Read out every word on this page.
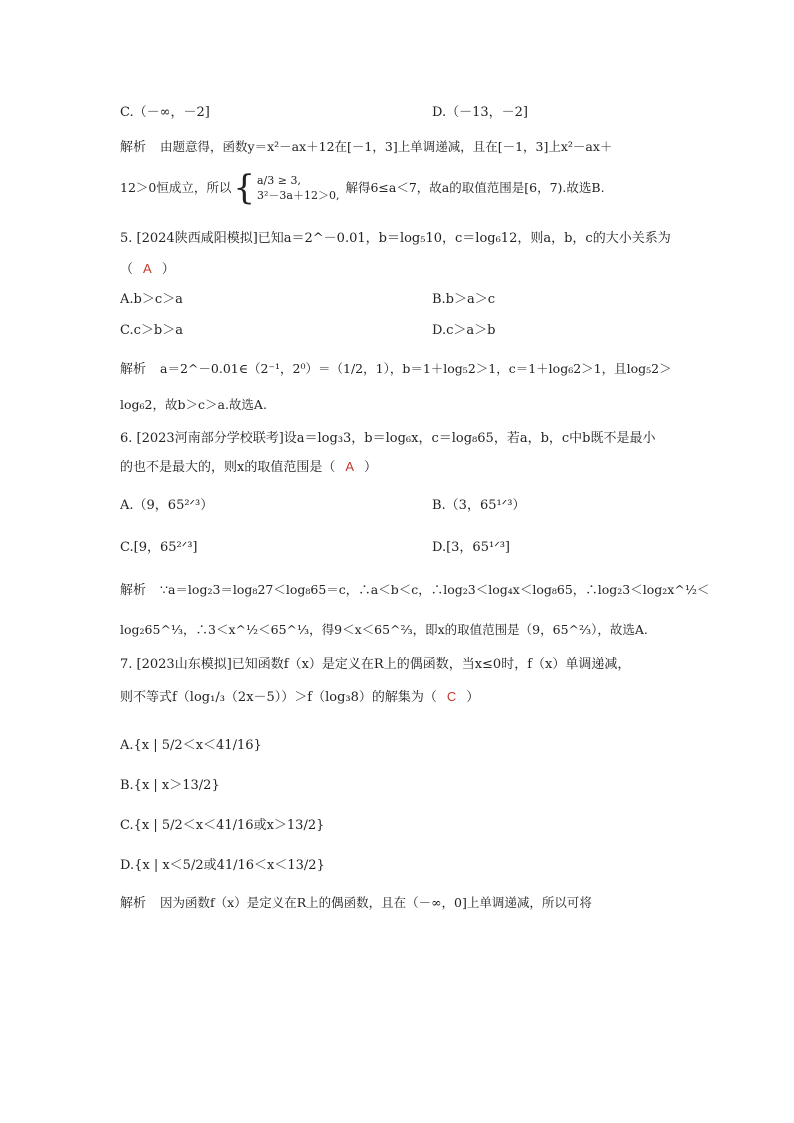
C.（－∞，－2]	D.（－13，－2]
解析 由题意得，函数y＝x²－ax＋12在[－1，3]上单调递减，且在[－1，3]上x²－ax＋
12＞0恒成立，所以 { a/3 ≥ 3,
3²－3a＋12＞0,
解得6≤a＜7，故a的取值范围是[6，7).故选B.
5. [2024陕西咸阳模拟]已知a＝2^－0.01，b＝log₅10，c＝log₆12，则a，b，c的大小关系为
（ A ）
A.b＞c＞a	B.b＞a＞c
C.c＞b＞a	D.c＞a＞b
解析 a＝2^－0.01∈（2⁻¹，2⁰）＝（1/2，1），b＝1＋log₅2＞1，c＝1＋log₆2＞1，且log₅2＞
log₆2，故b＞c＞a.故选A.
6. [2023河南部分学校联考]设a＝log₃3，b＝log₆x，c＝log₈65，若a，b，c中b既不是最小
的也不是最大的，则x的取值范围是（ A ）
A.（9，65²ᐟ³）	B.（3，65¹ᐟ³）
C.[9，65²ᐟ³]	D.[3，65¹ᐟ³]
解析 ∵a＝log₂3＝log₈27＜log₈65＝c，∴a＜b＜c，∴log₂3＜log₄x＜log₈65，∴log₂3＜log₂x^½＜
log₂65^⅓，∴3＜x^½＜65^⅓，得9＜x＜65^⅔，即x的取值范围是（9，65^⅔），故选A.
7. [2023山东模拟]已知函数f（x）是定义在R上的偶函数，当x≤0时，f（x）单调递减，
则不等式f（log₁/₃（2x－5））＞f（log₃8）的解集为（ C ）
A.{x | 5/2＜x＜41/16}
B.{x | x＞13/2}
C.{x | 5/2＜x＜41/16或x＞13/2}
D.{x | x＜5/2或41/16＜x＜13/2}
解析 因为函数f（x）是定义在R上的偶函数，且在（－∞，0]上单调递减，所以可将
